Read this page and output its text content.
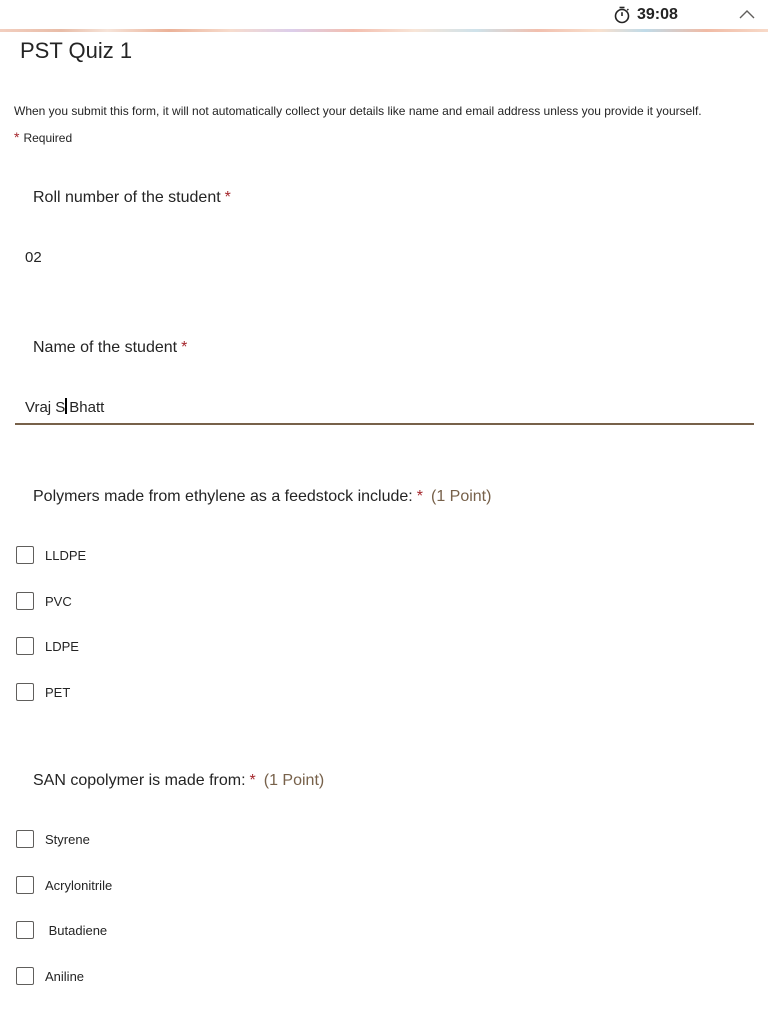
39:08
PST Quiz 1
When you submit this form, it will not automatically collect your details like name and email address unless you provide it yourself.
* Required
Roll number of the student *
02
Name of the student *
Vraj S Bhatt
Polymers made from ethylene as a feedstock include: * (1 Point)
LLDPE
PVC
LDPE
PET
SAN copolymer is made from: * (1 Point)
Styrene
Acrylonitrile
Butadiene
Aniline
